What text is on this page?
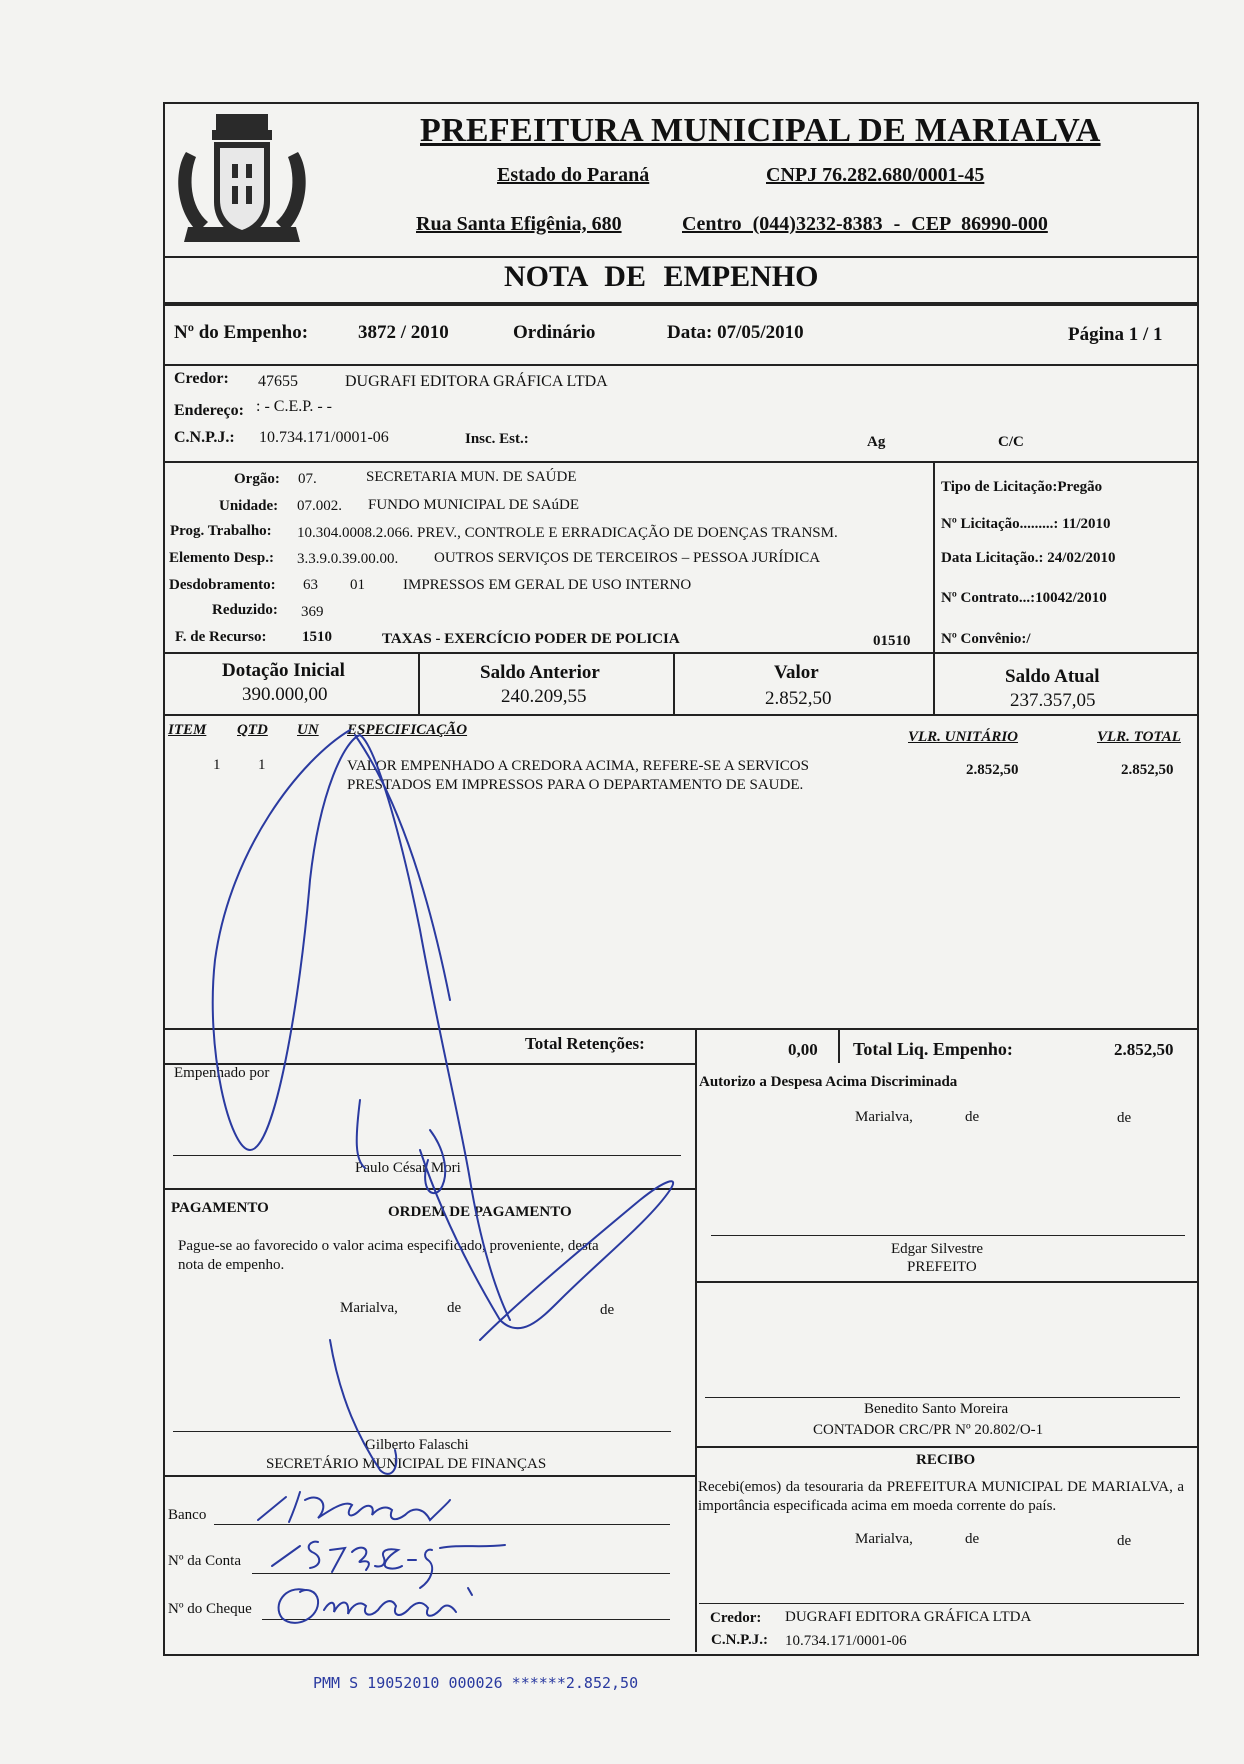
PREFEITURA MUNICIPAL DE MARIALVA
Estado do Paraná	CNPJ 76.282.680/0001-45
Rua Santa Efigênia, 680	Centro (044)3232-8383 - CEP 86990-000
NOTA DE EMPENHO
Nº do Empenho:	3872 / 2010	Ordinário	Data: 07/05/2010	Página 1 / 1
Credor: 47655	DUGRAFI EDITORA GRÁFICA LTDA
Endereço: : - C.E.P. - -
C.N.P.J.: 10.734.171/0001-06	Insc. Est.:	Ag	C/C
Orgão: 07.	SECRETARIA MUN. DE SAÚDE
Unidade: 07.002. FUNDO MUNICIPAL DE SAúDE
Prog. Trabalho: 10.304.0008.2.066. PREV., CONTROLE E ERRADICAÇÃO DE DOENÇAS TRANSM.
Elemento Desp.: 3.3.9.0.39.00.00. OUTROS SERVIÇOS DE TERCEIROS – PESSOA JURÍDICA
Desdobramento: 63 01	IMPRESSOS EM GERAL DE USO INTERNO
Reduzido: 369
F. de Recurso: 1510	TAXAS - EXERCÍCIO PODER DE POLICIA	01510
Tipo de Licitação:Pregão
Nº Licitação.........: 11/2010
Data Licitação.: 24/02/2010
Nº Contrato...:10042/2010
Nº Convênio:/
Dotação Inicial
390.000,00
Saldo Anterior
240.209,55
Valor
2.852,50
Saldo Atual
237.357,05
ITEM QTD UN ESPECIFICAÇÃO	VLR. UNITÁRIO	VLR. TOTAL
1	1	VALOR EMPENHADO A CREDORA ACIMA, REFERE-SE A SERVICOS
PRESTADOS EM IMPRESSOS PARA O DEPARTAMENTO DE SAUDE.
2.852,50	2.852,50
Total Retenções:	0,00 Total Liq. Empenho:	2.852,50
Empenhado por
Paulo César Mori
Autorizo a Despesa Acima Discriminada
Marialva,	de	de
Edgar Silvestre
PREFEITO
Benedito Santo Moreira
CONTADOR CRC/PR Nº 20.802/O-1
PAGAMENTO	ORDEM DE PAGAMENTO
Pague-se ao favorecido o valor acima especificado, proveniente, desta
nota de empenho.
Marialva,	de	de
Gilberto Falaschi
SECRETÁRIO MUNICIPAL DE FINANÇAS
Banco
Nº da Conta
Nº do Cheque
RECIBO
Recebi(emos) da tesouraria da PREFEITURA MUNICIPAL DE MARIALVA, a importância especificada acima em moeda corrente do país.
Marialva,	de	de
Credor: DUGRAFI EDITORA GRÁFICA LTDA
C.N.P.J.: 10.734.171/0001-06
PMM S 19052010 000026 ******2.852,50
